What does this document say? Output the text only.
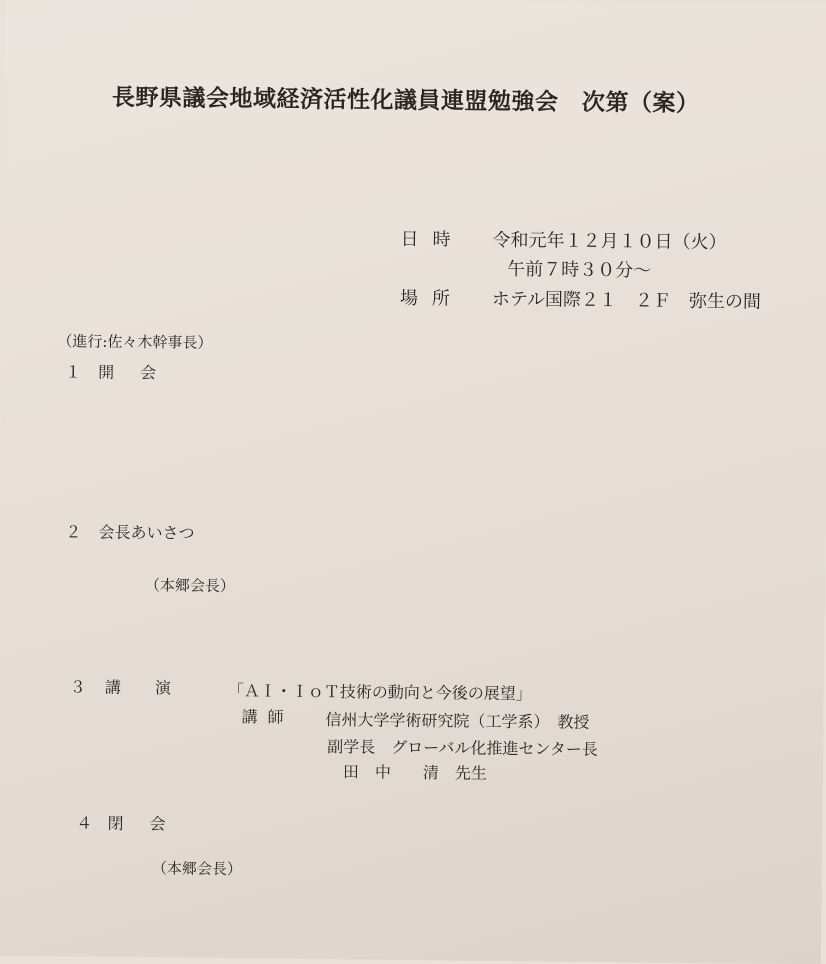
長野県議会地域経済活性化議員連盟勉強会　次第（案）
日時 令和元年１２月１０日（火）
午前７時３０分～
場所 ホテル国際２１　２Ｆ　弥生の間
（進行:佐々木幹事長）
１ 開会
２ 会長あいさつ
（本郷会長）
３ 講演 「ＡＩ・ＩｏＴ技術の動向と今後の展望」
講師 信州大学学術研究院（工学系）　教授
副学長　グローバル化推進センター長
田　中　　清　先生
４ 閉会
（本郷会長）
